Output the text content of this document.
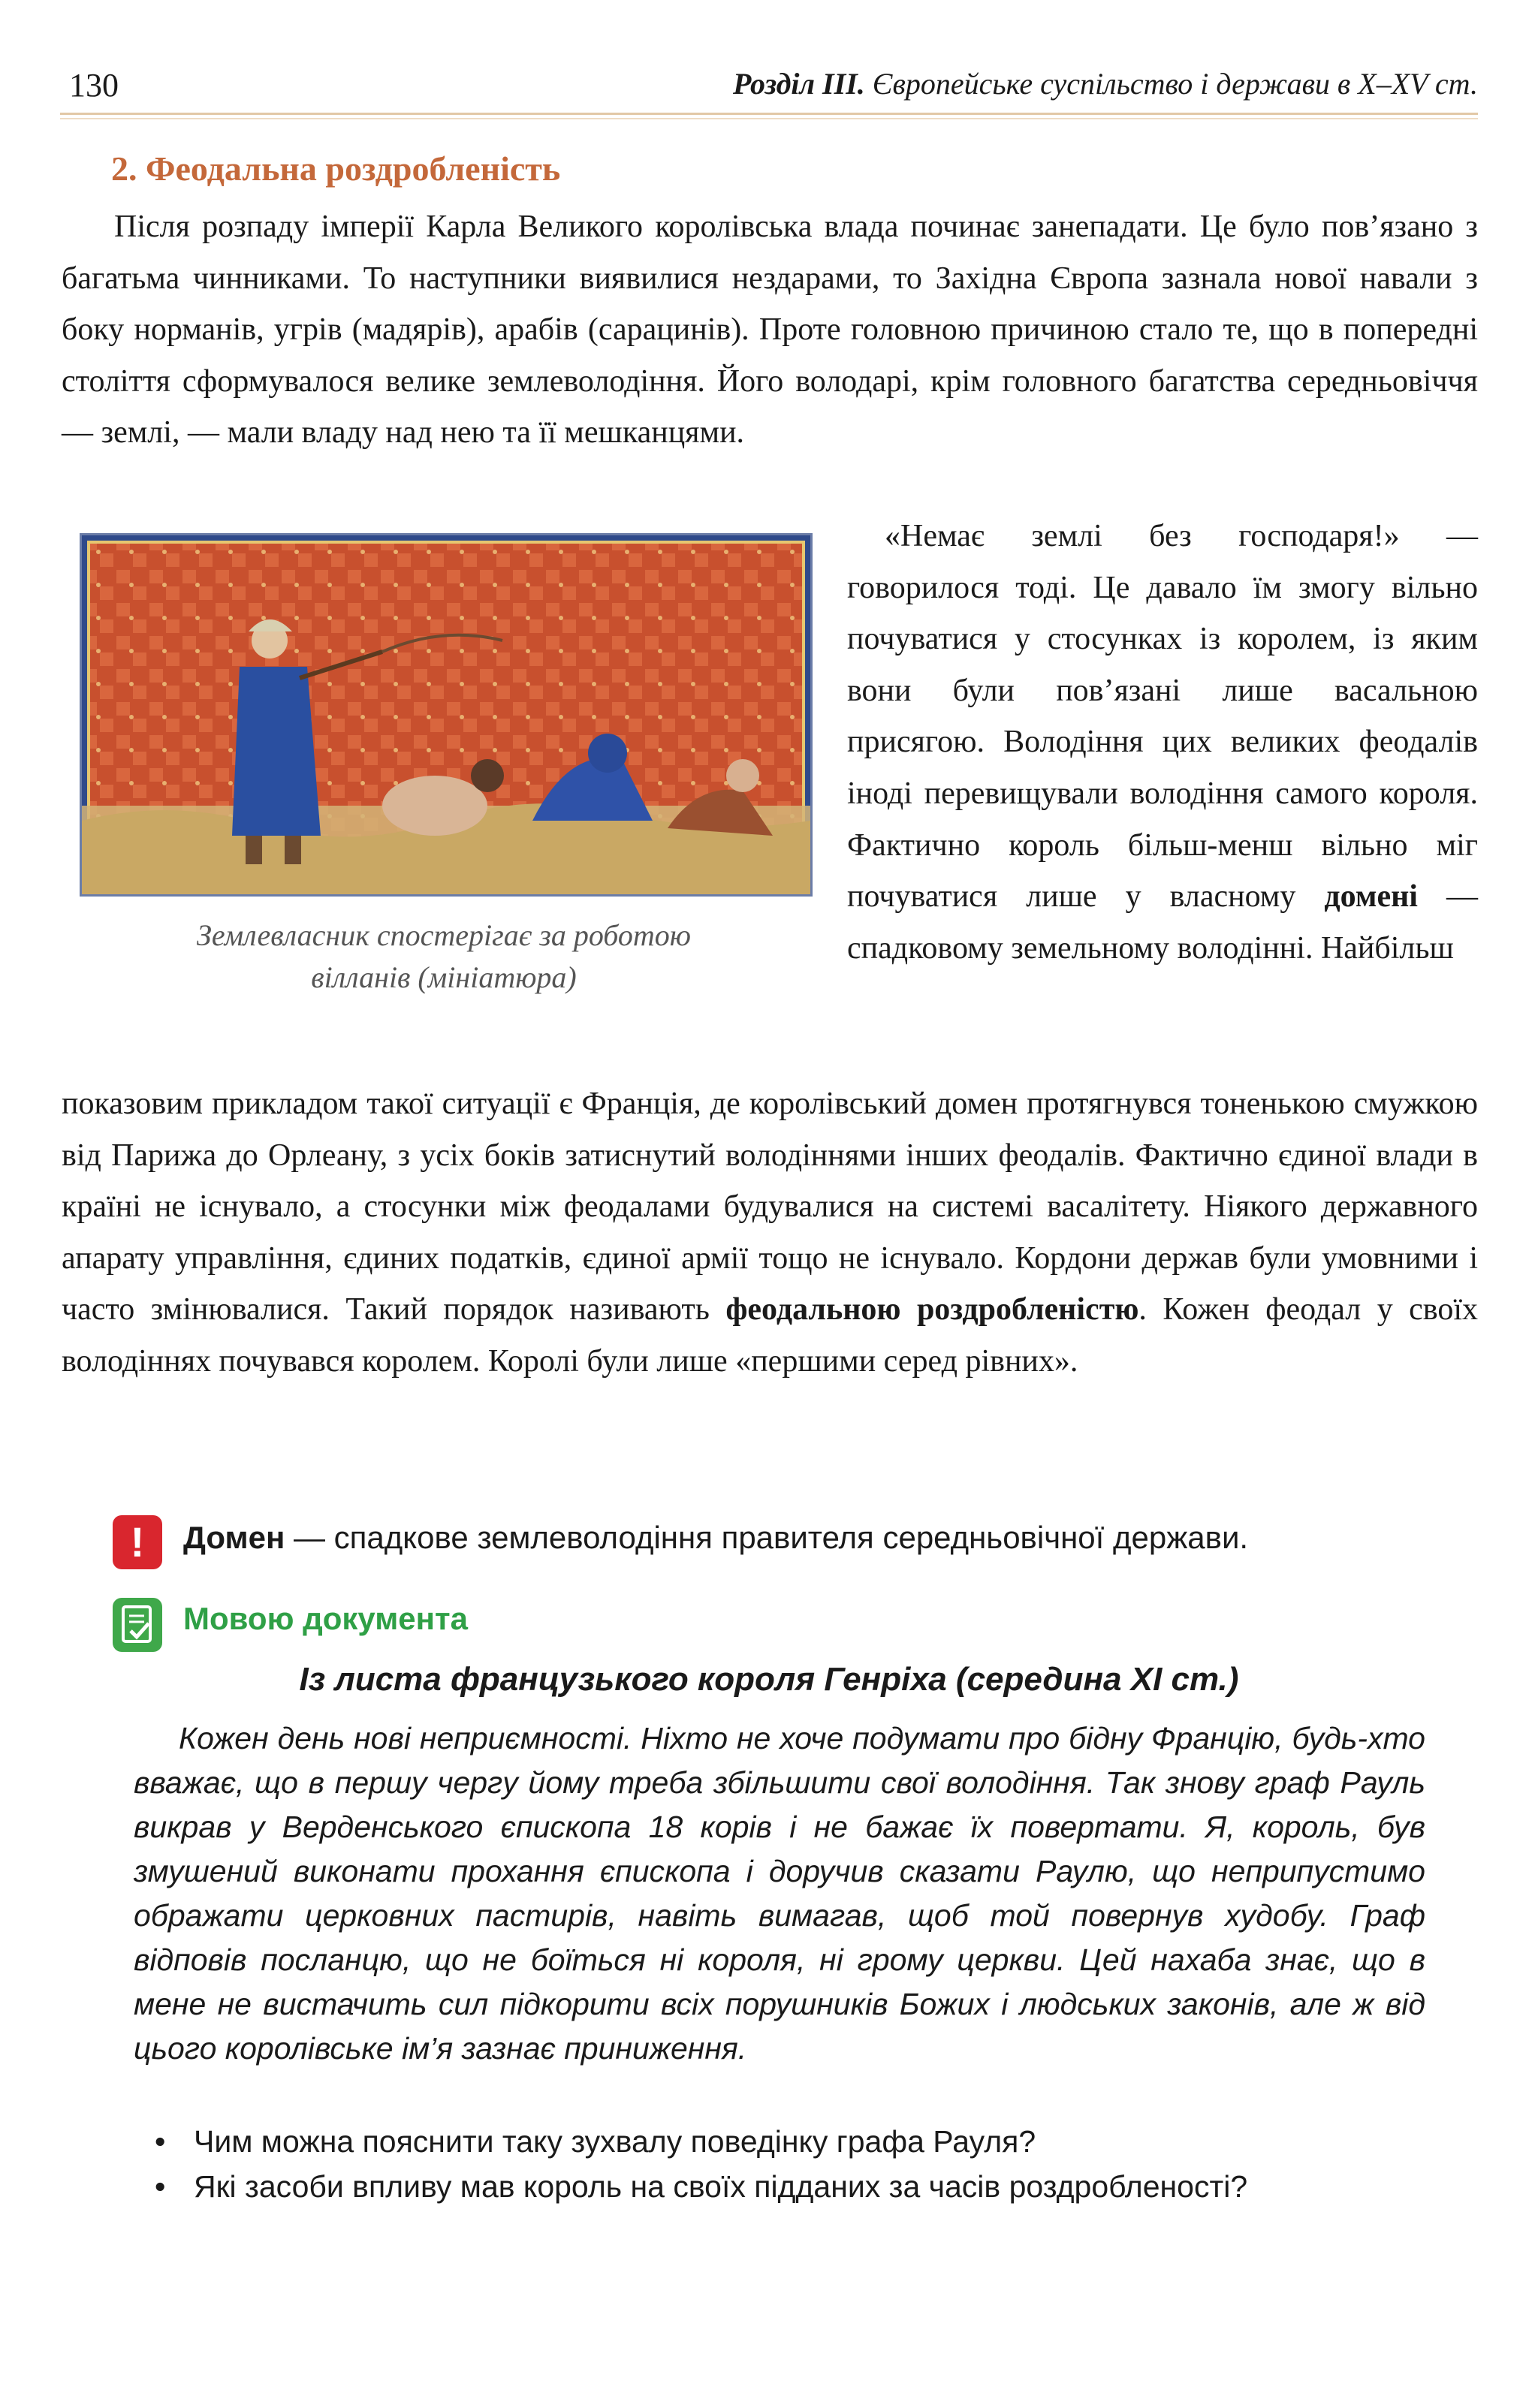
130	Розділ ІІІ. Європейське суспільство і держави в Х–ХV ст.
2. Феодальна роздробленість
Після розпаду імперії Карла Великого королівська влада починає занепадати. Це було пов’язано з багатьма чинниками. То наступники виявилися нездарами, то Західна Європа зазнала нової навали з боку норманів, угрів (мадярів), арабів (сарацинів). Проте головною причиною стало те, що в попередні століття сформувалося велике землеволодіння. Його володарі, крім головного багатства середньовіччя — землі, — мали владу над нею та її мешканцями.
Землевласник спостерігає за роботою
вілланів (мініатюра)
«Немає землі без господаря!» — говорилося тоді. Це давало їм змогу вільно почуватися у стосунках із королем, із яким вони були пов’язані лише васальною присягою. Володіння цих великих феодалів іноді перевищували володіння самого короля. Фактично король більш-менш вільно міг почуватися лише у власному домені — спадковому земельному володінні. Найбільш
показовим прикладом такої ситуації є Франція, де королівський домен протягнувся тоненькою смужкою від Парижа до Орлеану, з усіх боків затиснутий володіннями інших феодалів. Фактично єдиної влади в країні не існувало, а стосунки між феодалами будувалися на системі васалітету. Ніякого державного апарату управління, єдиних податків, єдиної армії тощо не існувало. Кордони держав були умовними і часто змінювалися. Такий порядок називають феодальною роздробленістю. Кожен феодал у своїх володіннях почувався королем. Королі були лише «першими серед рівних».
!	Домен — спадкове землеволодіння правителя середньовічної держави.
Мовою документа
Із листа французького короля Генріха (середина XI ст.)
Кожен день нові неприємності. Ніхто не хоче подумати про бідну Францію, будь-хто вважає, що в першу чергу йому треба збільшити свої володіння. Так знову граф Рауль викрав у Верденського єпископа 18 корів і не бажає їх повертати. Я, король, був змушений виконати прохання єпископа і доручив сказати Раулю, що неприпустимо ображати церковних пастирів, навіть вимагав, щоб той повернув худобу. Граф відповів посланцю, що не боїться ні короля, ні грому церкви. Цей нахаба знає, що в мене не вистачить сил підкорити всіх порушників Божих і людських законів, але ж від цього королівське ім’я зазнає приниження.
• Чим можна пояснити таку зухвалу поведінку графа Рауля?
• Які засоби впливу мав король на своїх підданих за часів роздробленості?
